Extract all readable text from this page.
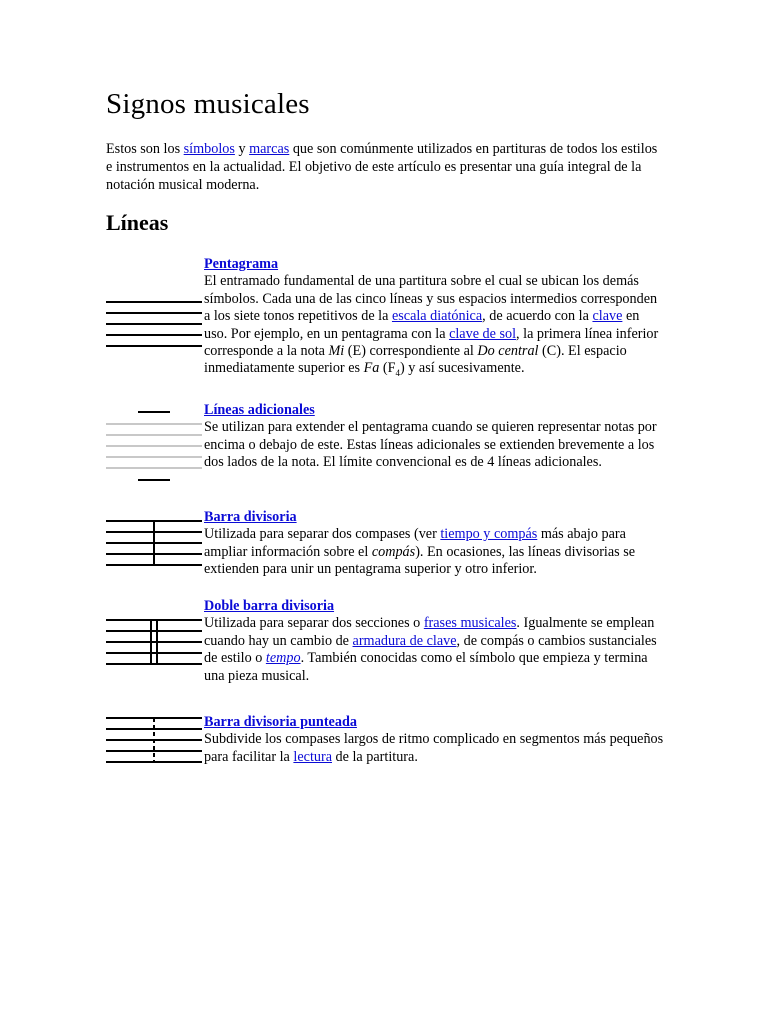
Signos musicales

Estos son los símbolos y marcas que son comúnmente utilizados en partituras de todos los estilos e instrumentos en la actualidad. El objetivo de este artículo es presentar una guía integral de la notación musical moderna.

Líneas
Pentagrama
El entramado fundamental de una partitura sobre el cual se ubican los demás símbolos. Cada una de las cinco líneas y sus espacios intermedios corresponden a los siete tonos repetitivos de la escala diatónica, de acuerdo con la clave en uso. Por ejemplo, en un pentagrama con la clave de sol, la primera línea inferior corresponde a la nota Mi (E) correspondiente al Do central (C). El espacio inmediatamente superior es Fa $(F_4)$ y así sucesivamente.
Líneas adicionales
Se utilizan para extender el pentagrama cuando se quieren representar notas por encima o debajo de este. Estas líneas adicionales se extienden brevemente a los dos lados de la nota. El límite convencional es de 4 líneas adicionales.
Barra divisoria
Utilizada para separar dos compases (ver tiempo y compás más abajo para ampliar información sobre el compás). En ocasiones, las líneas divisorias se extienden para unir un pentagrama superior y otro inferior.
Doble barra divisoria
Utilizada para separar dos secciones o frases musicales. Igualmente se emplean cuando hay un cambio de armadura de clave, de compás o cambios sustanciales de estilo o tempo. También conocidas como el símbolo que empieza y termina una pieza musical.
Barra divisoria punteada
Subdivide los compases largos de ritmo complicado en segmentos más pequeños para facilitar la lectura de la partitura.
